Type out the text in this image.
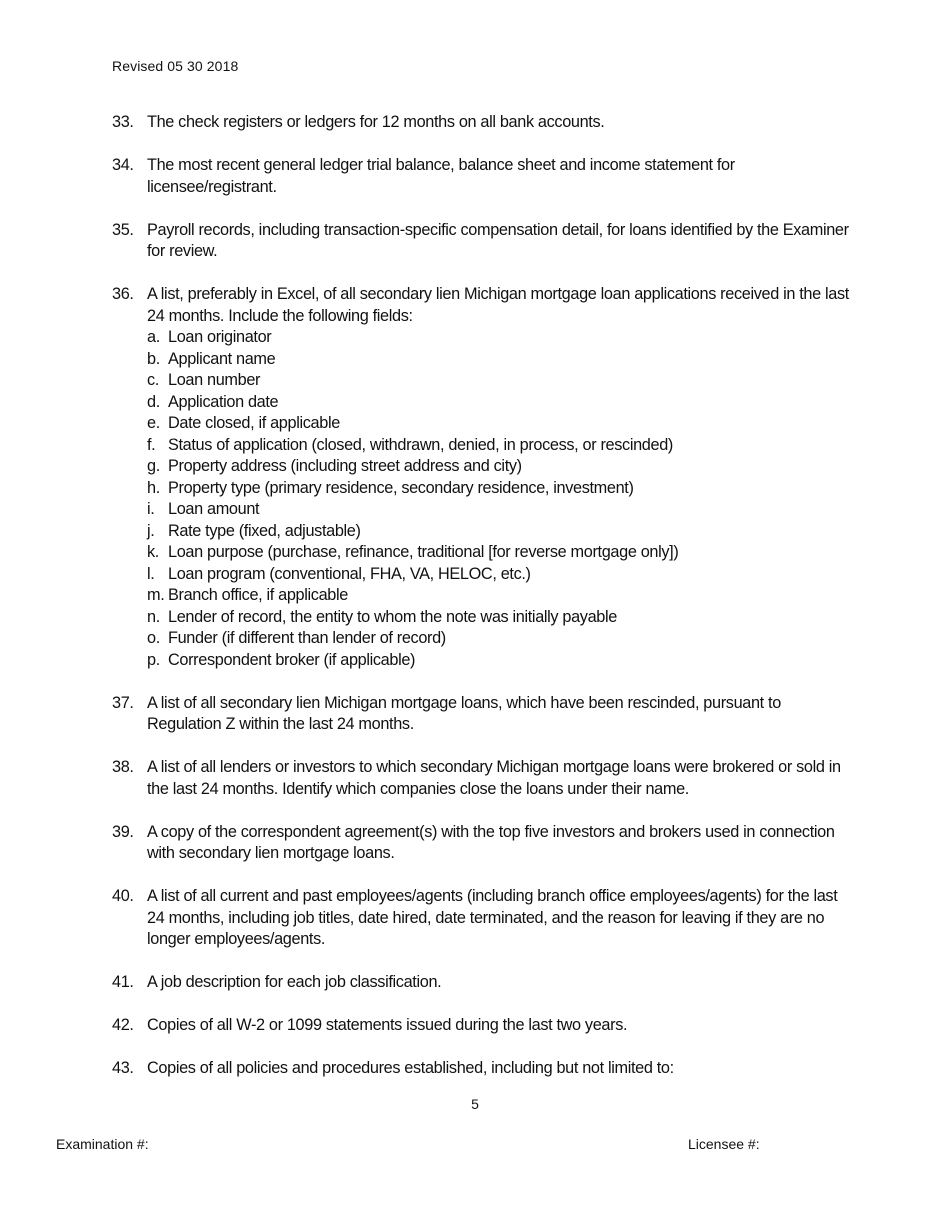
Revised 05 30 2018
33. The check registers or ledgers for 12 months on all bank accounts.
34. The most recent general ledger trial balance, balance sheet and income statement for licensee/registrant.
35. Payroll records, including transaction-specific compensation detail, for loans identified by the Examiner for review.
36. A list, preferably in Excel, of all secondary lien Michigan mortgage loan applications received in the last 24 months. Include the following fields:
a. Loan originator
b. Applicant name
c. Loan number
d. Application date
e. Date closed, if applicable
f. Status of application (closed, withdrawn, denied, in process, or rescinded)
g. Property address (including street address and city)
h. Property type (primary residence, secondary residence, investment)
i. Loan amount
j. Rate type (fixed, adjustable)
k. Loan purpose (purchase, refinance, traditional [for reverse mortgage only])
l. Loan program (conventional, FHA, VA, HELOC, etc.)
m. Branch office, if applicable
n. Lender of record, the entity to whom the note was initially payable
o. Funder (if different than lender of record)
p. Correspondent broker (if applicable)
37. A list of all secondary lien Michigan mortgage loans, which have been rescinded, pursuant to Regulation Z within the last 24 months.
38. A list of all lenders or investors to which secondary Michigan mortgage loans were brokered or sold in the last 24 months. Identify which companies close the loans under their name.
39. A copy of the correspondent agreement(s) with the top five investors and brokers used in connection with secondary lien mortgage loans.
40. A list of all current and past employees/agents (including branch office employees/agents) for the last 24 months, including job titles, date hired, date terminated, and the reason for leaving if they are no longer employees/agents.
41. A job description for each job classification.
42. Copies of all W-2 or 1099 statements issued during the last two years.
43. Copies of all policies and procedures established, including but not limited to:
5
Examination #:	Licensee #:
